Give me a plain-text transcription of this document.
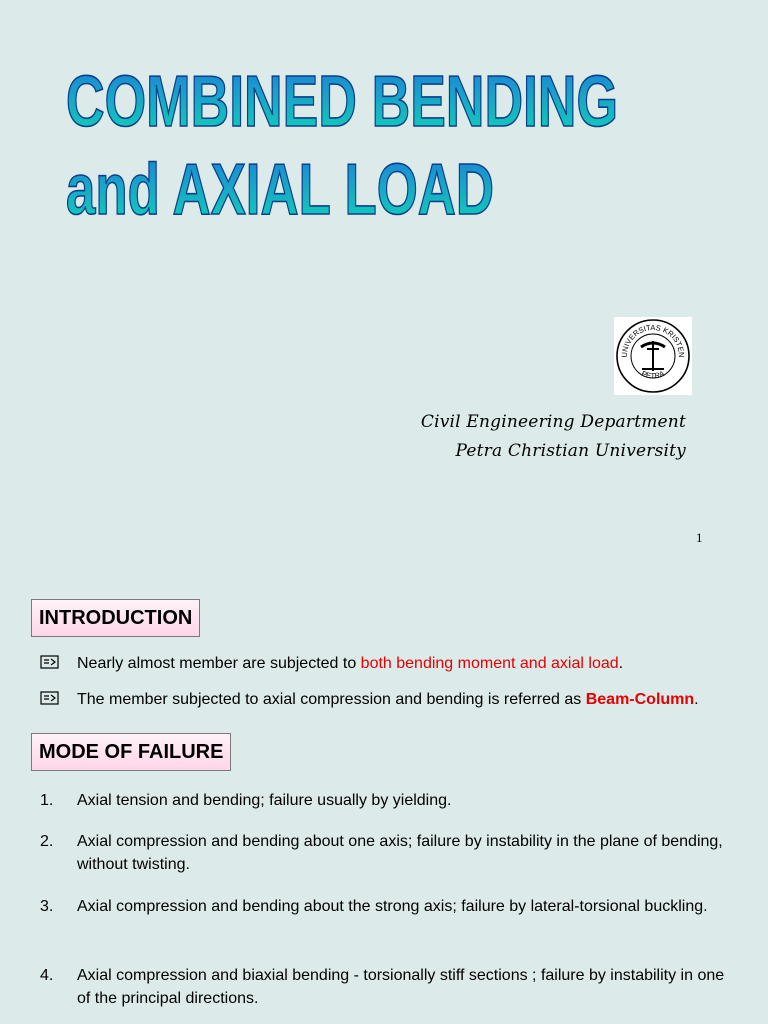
COMBINED BENDING
and AXIAL LOAD
UNIVERSITAS KRISTEN
PETRA
Civil Engineering Department
Petra Christian University
1
INTRODUCTION
Nearly almost member are subjected to both bending moment and axial load.
The member subjected to axial compression and bending is referred as Beam-Column.
MODE OF FAILURE
1.	Axial tension and bending; failure usually by yielding.
2.	Axial compression and bending about one axis; failure by instability in the plane of bending, without twisting.
3.	Axial compression and bending about the strong axis; failure by lateral-torsional buckling.
4.	Axial compression and biaxial bending - torsionally stiff sections ; failure by instability in one of the principal directions.
